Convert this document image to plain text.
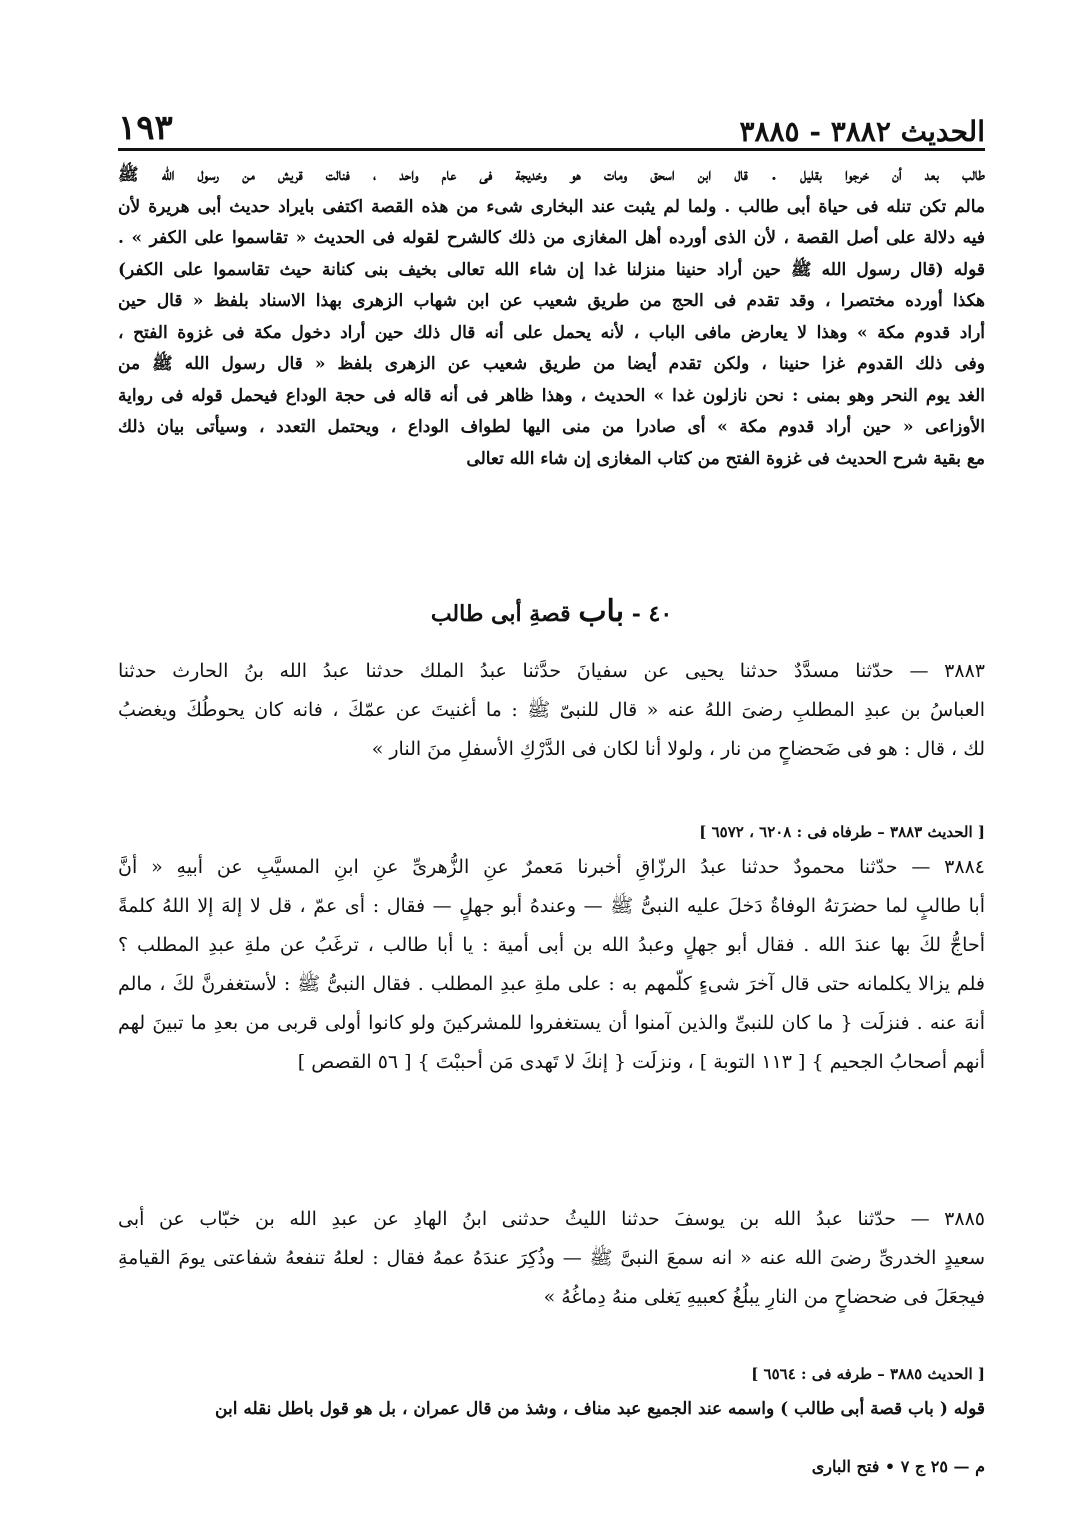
الحديث ٣٨٨٢ - ٣٨٨٥
١٩٣
طالب بعد أن خرجوا بقليل . قال ابن اسحق ومات هو وخديجة فى عام واحد ، فنالت قريش من رسول الله ﷺ
مالم تكن تنله فى حياة أبى طالب . ولما لم يثبت عند البخارى شىء من هذه القصة اكتفى بايراد حديث أبى هريرة لأن
فيه دلالة على أصل القصة ، لأن الذى أورده أهل المغازى من ذلك كالشرح لقوله فى الحديث « تقاسموا على الكفر » .
قوله (قال رسول الله ﷺ حين أراد حنينا منزلنا غدا إن شاء الله تعالى بخيف بنى كنانة حيث تقاسموا على الكفر)
هكذا أورده مختصرا ، وقد تقدم فى الحج من طريق شعيب عن ابن شهاب الزهرى بهذا الاسناد بلفظ « قال حين
أراد قدوم مكة » وهذا لا يعارض مافى الباب ، لأنه يحمل على أنه قال ذلك حين أراد دخول مكة فى غزوة الفتح ،
وفى ذلك القدوم غزا حنينا ، ولكن تقدم أيضا من طريق شعيب عن الزهرى بلفظ « قال رسول الله ﷺ من
الغد يوم النحر وهو بمنى : نحن نازلون غدا » الحديث ، وهذا ظاهر فى أنه قاله فى حجة الوداع فيحمل قوله فى رواية
الأوزاعى « حين أراد قدوم مكة » أى صادرا من منى اليها لطواف الوداع ، ويحتمل التعدد ، وسيأتى بيان ذلك
مع بقية شرح الحديث فى غزوة الفتح من كتاب المغازى إن شاء الله تعالى
٤٠ - باب قصةِ أبى طالب
٣٨٨٣ — حدّثنا مسدَّدٌ حدثنا يحيى عن سفيانَ حدَّثنا عبدُ الملك حدثنا عبدُ الله بنُ الحارث حدثنا
العباسُ بن عبدِ المطلبِ رضىَ اللهُ عنه « قال للنبىّ ﷺ : ما أغنيتَ عن عمّكَ ، فانه كان يحوطُكَ ويغضبُ
لك ، قال : هو فى ضَحضاحٍ من نار ، ولولا أنا لكان فى الدَّرْكِ الأسفلِ منَ النار »
[ الحديث ٣٨٨٣ – طرفاه فى : ٦٢٠٨ ، ٦٥٧٢ ]
٣٨٨٤ — حدّثنا محمودٌ حدثنا عبدُ الرزّاقِ أخبرنا مَعمرٌ عنِ الزُّهرىِّ عنِ ابنِ المسيَّبِ عن أبيهِ « أنَّ
أبا طالبٍ لما حضرَتهُ الوفاةُ دَخلَ عليه النبىُّ ﷺ — وعندهُ أبو جهلٍ — فقال : أى عمّ ، قل لا إلهَ إلا اللهُ كلمةً
أحاجُّ لكَ بها عندَ الله . فقال أبو جهلٍ وعبدُ الله بن أبى أمية : يا أبا طالب ، ترغَبُ عن ملةِ عبدِ المطلب ؟
فلم يزالا يكلمانه حتى قال آخرَ شىءٍ كلّمهم به : على ملةِ عبدِ المطلب . فقال النبىُّ ﷺ : لأستغفرنَّ لكَ ، مالم
أنهَ عنه . فنزلَت { ما كان للنبىِّ والذين آمنوا أن يستغفروا للمشركينَ ولو كانوا أولى قربى من بعدِ ما تبينَ لهم
أنهم أصحابُ الجحيم } [ ١١٣ التوبة ] ، ونزلَت { إنكَ لا تَهدى مَن أحببْتَ } [ ٥٦ القصص ]
٣٨٨٥ — حدّثنا عبدُ الله بن يوسفَ حدثنا الليثُ حدثنى ابنُ الهادِ عن عبدِ الله بن خبّاب عن أبى
سعيدٍ الخدرىِّ رضىَ الله عنه « انه سمعَ النبىَّ ﷺ — وذُكِرَ عندَهُ عمهُ فقال : لعلهُ تنفعهُ شفاعتى يومَ القيامةِ
فيجعَلَ فى ضحضاحٍ من النارِ يبلُغُ كعبيهِ يَغلى منهُ دِماغُهُ »
[ الحديث ٣٨٨٥ – طرفه فى : ٦٥٦٤ ]
قوله ( باب قصة أبى طالب ) واسمه عند الجميع عبد مناف ، وشذ من قال عمران ، بل هو قول باطل نقله ابن
م — ٢٥ ج ٧ • فتح البارى
